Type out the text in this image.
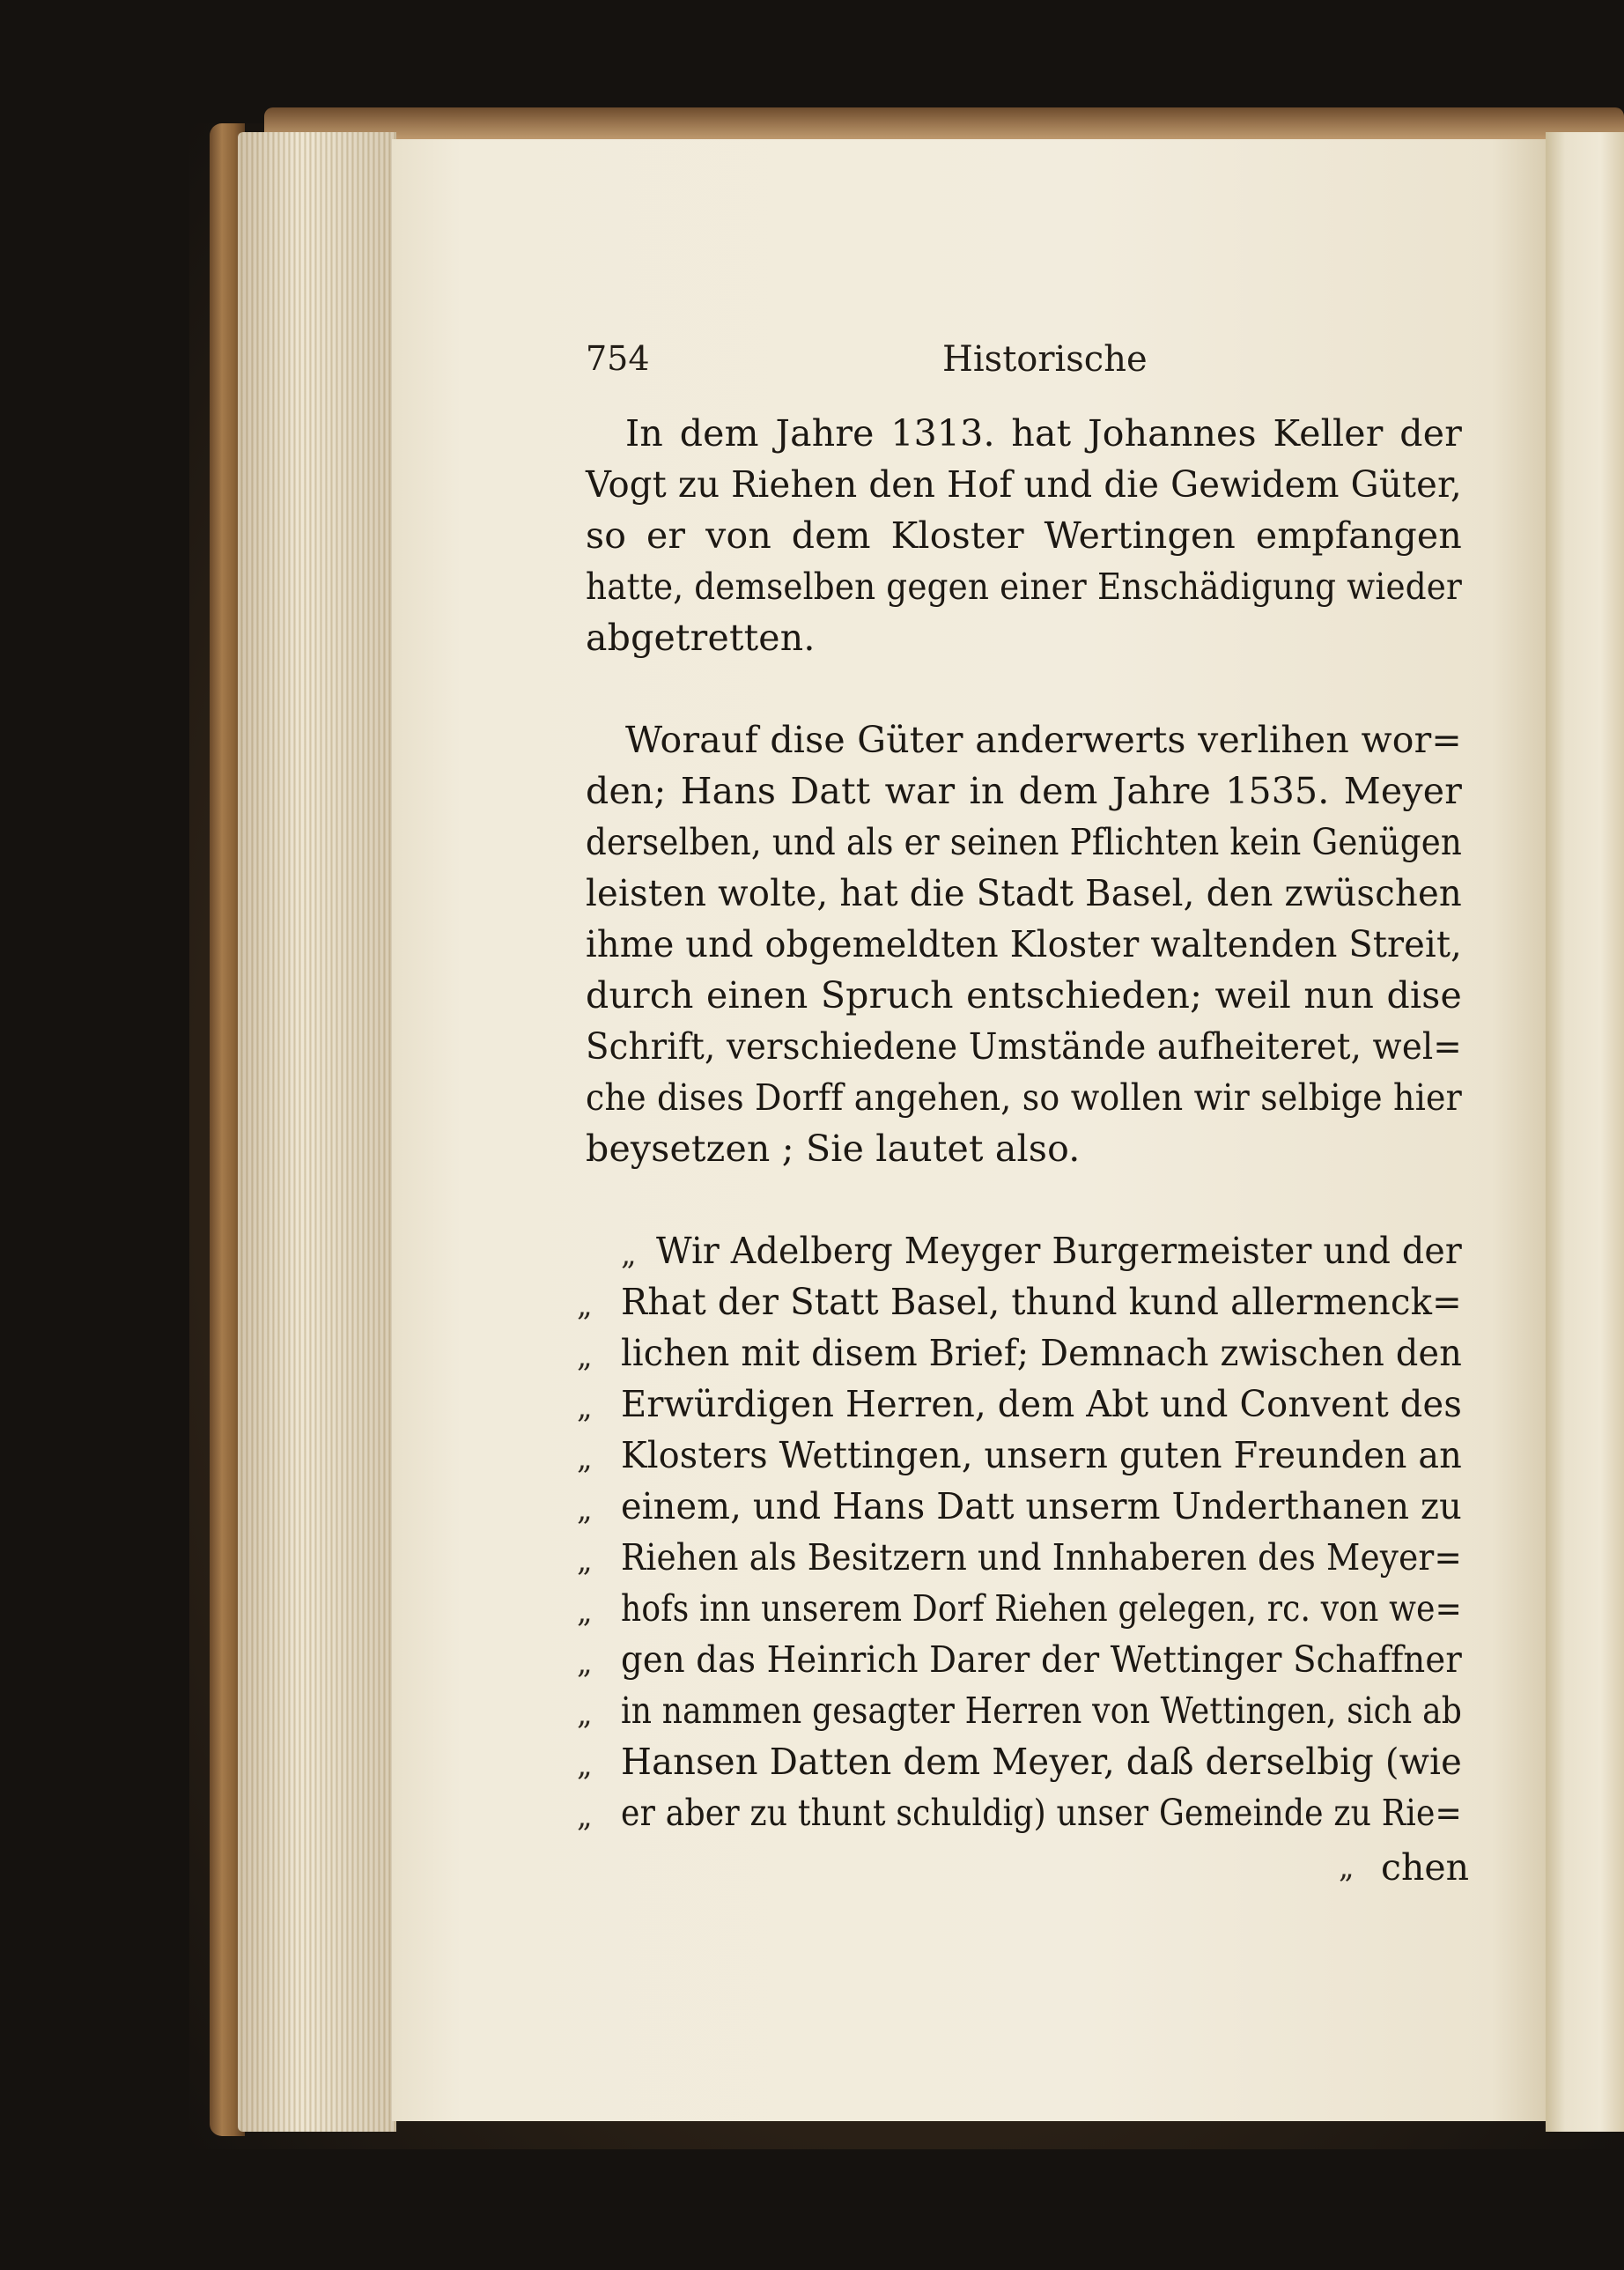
754	Historische
In dem Jahre 1313. hat Johannes Keller der
Vogt zu Riehen den Hof und die Gewidem Güter,
so er von dem Kloster Wertingen empfangen
hatte, demselben gegen einer Enschädigung wieder
abgetretten.
Worauf dise Güter anderwerts verlihen wor=
den; Hans Datt war in dem Jahre 1535. Meyer
derselben, und als er seinen Pflichten kein Genügen
leisten wolte, hat die Stadt Basel, den zwüschen
ihme und obgemeldten Kloster waltenden Streit,
durch einen Spruch entschieden; weil nun dise
Schrift, verschiedene Umstände aufheiteret, wel=
che dises Dorff angehen, so wollen wir selbige hier
beysetzen ; Sie lautet also.
„ Wir Adelberg Meyger Burgermeister und der
„ Rhat der Statt Basel, thund kund allermenck=
„ lichen mit disem Brief; Demnach zwischen den
„ Erwürdigen Herren, dem Abt und Convent des
„ Klosters Wettingen, unsern guten Freunden an
„ einem, und Hans Datt unserm Underthanen zu
„ Riehen als Besitzern und Innhaberen des Meyer=
„ hofs inn unserem Dorf Riehen gelegen, rc. von we=
„ gen das Heinrich Darer der Wettinger Schaffner
„ in nammen gesagter Herren von Wettingen, sich ab
„ Hansen Datten dem Meyer, daß derselbig (wie
„ er aber zu thunt schuldig) unser Gemeinde zu Rie=
„ chen
